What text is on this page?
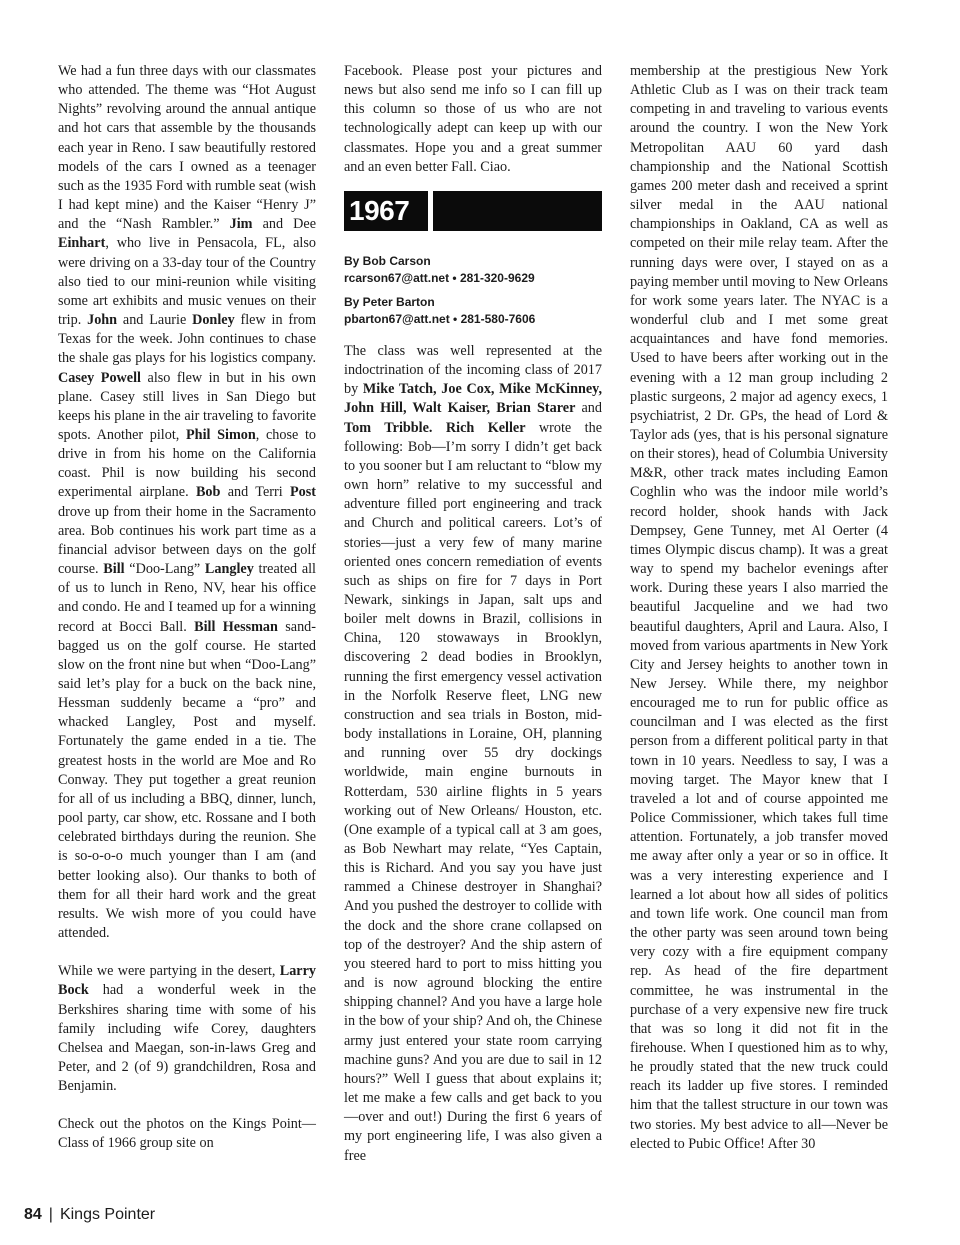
We had a fun three days with our classmates who attended. The theme was “Hot August Nights” revolving around the annual antique and hot cars that assemble by the thousands each year in Reno. I saw beautifully restored models of the cars I owned as a teenager such as the 1935 Ford with rumble seat (wish I had kept mine) and the Kaiser “Henry J” and the “Nash Rambler.” Jim and Dee Einhart, who live in Pensacola, FL, also were driving on a 33-day tour of the Country also tied to our mini-reunion while visiting some art exhibits and music venues on their trip. John and Laurie Donley flew in from Texas for the week. John continues to chase the shale gas plays for his logistics company. Casey Powell also flew in but in his own plane. Casey still lives in San Diego but keeps his plane in the air traveling to favorite spots. Another pilot, Phil Simon, chose to drive in from his home on the California coast. Phil is now building his second experimental airplane. Bob and Terri Post drove up from their home in the Sacramento area. Bob continues his work part time as a financial advisor between days on the golf course. Bill “Doo-Lang” Langley treated all of us to lunch in Reno, NV, hear his office and condo. He and I teamed up for a winning record at Bocci Ball. Bill Hessman sand-bagged us on the golf course. He started slow on the front nine but when “Doo-Lang” said let’s play for a buck on the back nine, Hessman suddenly became a “pro” and whacked Langley, Post and myself. Fortunately the game ended in a tie. The greatest hosts in the world are Moe and Ro Conway. They put together a great reunion for all of us including a BBQ, dinner, lunch, pool party, car show, etc. Rossane and I both celebrated birthdays during the reunion. She is so-o-o-o much younger than I am (and better looking also). Our thanks to both of them for all their hard work and the great results. We wish more of you could have attended.

While we were partying in the desert, Larry Bock had a wonderful week in the Berkshires sharing time with some of his family including wife Corey, daughters Chelsea and Maegan, son-in-laws Greg and Peter, and 2 (of 9) grandchildren, Rosa and Benjamin.

Check out the photos on the Kings Point—Class of 1966 group site on

Facebook. Please post your pictures and news but also send me info so I can fill up this column so those of us who are not technologically adept can keep up with our classmates. Hope you and a great summer and an even better Fall. Ciao.

1967
By Bob Carson
rcarson67@att.net • 281-320-9629
By Peter Barton
pbarton67@att.net • 281-580-7606

The class was well represented at the indoctrination of the incoming class of 2017 by Mike Tatch, Joe Cox, Mike McKinney, John Hill, Walt Kaiser, Brian Starer and Tom Tribble. Rich Keller wrote the following: Bob—I’m sorry I didn’t get back to you sooner but I am reluctant to “blow my own horn” relative to my successful and adventure filled port engineering and track and Church and political careers. Lot’s of stories—just a very few of many marine oriented ones concern remediation of events such as ships on fire for 7 days in Port Newark, sinkings in Japan, salt ups and boiler melt downs in Brazil, collisions in China, 120 stowaways in Brooklyn, discovering 2 dead bodies in Brooklyn, running the first emergency vessel activation in the Norfolk Reserve fleet, LNG new construction and sea trials in Boston, mid-body installations in Loraine, OH, planning and running over 55 dry dockings worldwide, main engine burnouts in Rotterdam, 530 airline flights in 5 years working out of New Orleans/ Houston, etc. (One example of a typical call at 3 am goes, as Bob Newhart may relate, “Yes Captain, this is Richard. And you say you have just rammed a Chinese destroyer in Shanghai? And you pushed the destroyer to collide with the dock and the shore crane collapsed on top of the destroyer? And the ship astern of you steered hard to port to miss hitting you and is now aground blocking the entire shipping channel? And you have a large hole in the bow of your ship? And oh, the Chinese army just entered your state room carrying machine guns? And you are due to sail in 12 hours?” Well I guess that about explains it; let me make a few calls and get back to you—over and out!) During the first 6 years of my port engineering life, I was also given a free

membership at the prestigious New York Athletic Club as I was on their track team competing in and traveling to various events around the country. I won the New York Metropolitan AAU 60 yard dash championship and the National Scottish games 200 meter dash and received a sprint silver medal in the AAU national championships in Oakland, CA as well as competed on their mile relay team. After the running days were over, I stayed on as a paying member until moving to New Orleans for work some years later. The NYAC is a wonderful club and I met some great acquaintances and have fond memories. Used to have beers after working out in the evening with a 12 man group including 2 plastic surgeons, 2 major ad agency execs, 1 psychiatrist, 2 Dr. GPs, the head of Lord & Taylor ads (yes, that is his personal signature on their stores), head of Columbia University M&R, other track mates including Eamon Coghlin who was the indoor mile world’s record holder, shook hands with Jack Dempsey, Gene Tunney, met Al Oerter (4 times Olympic discus champ). It was a great way to spend my bachelor evenings after work. During these years I also married the beautiful Jacqueline and we had two beautiful daughters, April and Laura. Also, I moved from various apartments in New York City and Jersey heights to another town in New Jersey. While there, my neighbor encouraged me to run for public office as councilman and I was elected as the first person from a different political party in that town in 10 years. Needless to say, I was a moving target. The Mayor knew that I traveled a lot and of course appointed me Police Commissioner, which takes full time attention. Fortunately, a job transfer moved me away after only a year or so in office. It was a very interesting experience and I learned a lot about how all sides of politics and town life work. One council man from the other party was seen around town being very cozy with a fire equipment company rep. As head of the fire department committee, he was instrumental in the purchase of a very expensive new fire truck that was so long it did not fit in the firehouse. When I questioned him as to why, he proudly stated that the new truck could reach its ladder up five stores. I reminded him that the tallest structure in our town was two stories. My best advice to all—Never be elected to Pubic Office! After 30

84 | Kings Pointer
